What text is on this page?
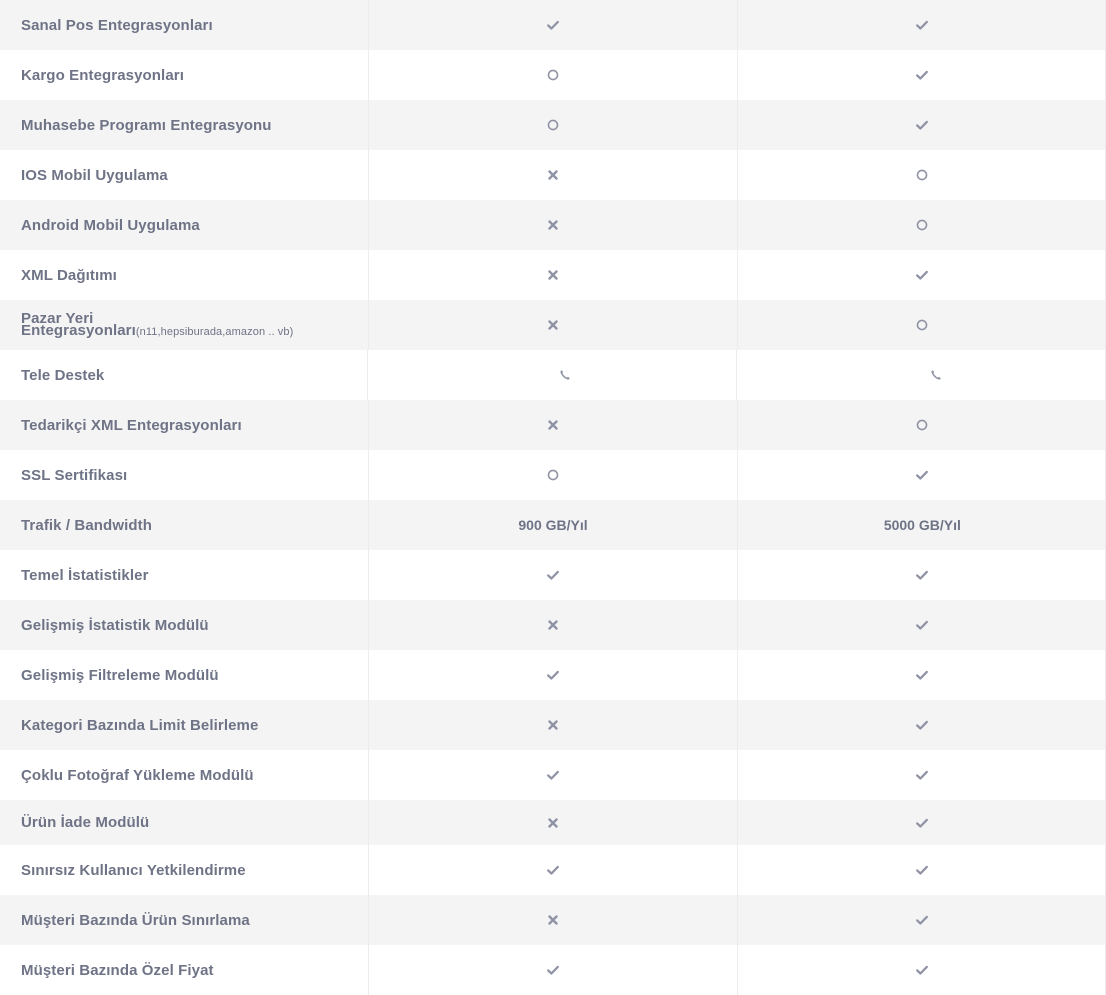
Sanal Pos Entegrasyonları
Kargo Entegrasyonları
Muhasebe Programı Entegrasyonu
IOS Mobil Uygulama
Android Mobil Uygulama
XML Dağıtımı
Pazar Yeri
Entegrasyonları(n11,hepsiburada,amazon .. vb)
Tele Destek
Tedarikçi XML Entegrasyonları
SSL Sertifikası
Trafik / Bandwidth	900 GB/Yıl	5000 GB/Yıl
Temel İstatistikler
Gelişmiş İstatistik Modülü
Gelişmiş Filtreleme Modülü
Kategori Bazında Limit Belirleme
Çoklu Fotoğraf Yükleme Modülü
Ürün İade Modülü
Sınırsız Kullanıcı Yetkilendirme
Müşteri Bazında Ürün Sınırlama
Müşteri Bazında Özel Fiyat
